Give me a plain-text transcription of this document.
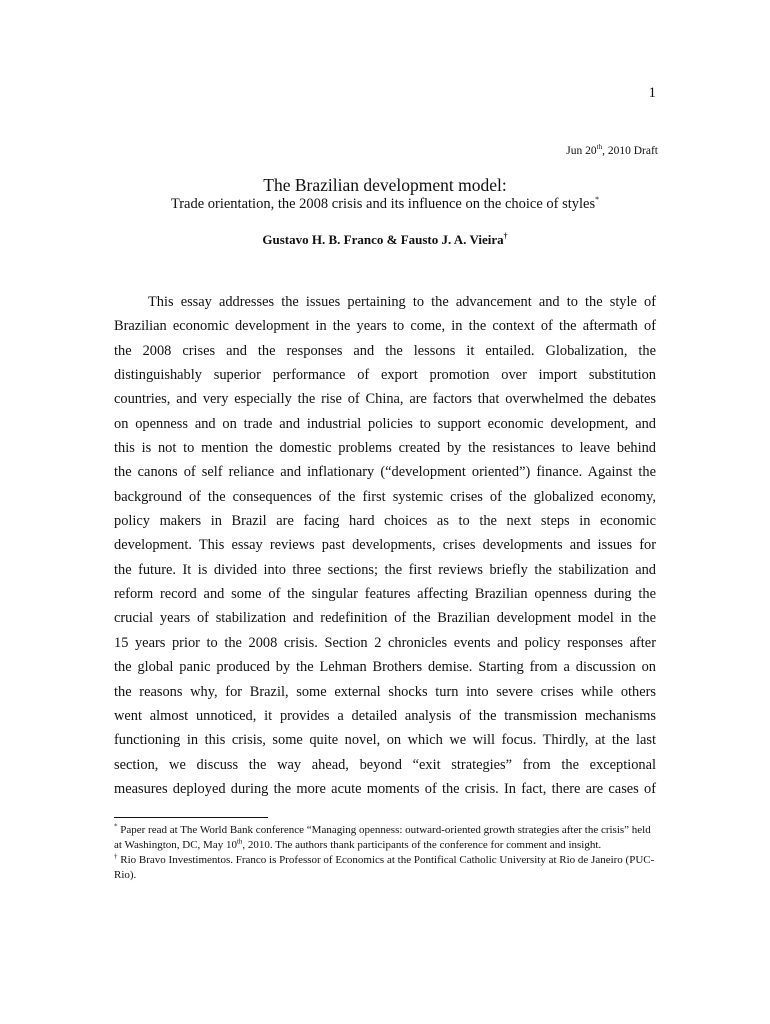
1
Jun 20th, 2010 Draft
The Brazilian development model:
Trade orientation, the 2008 crisis and its influence on the choice of styles*
Gustavo H. B. Franco & Fausto J. A. Vieira†
This essay addresses the issues pertaining to the advancement and to the style of
Brazilian economic development in the years to come, in the context of the aftermath of
the 2008 crises and the responses and the lessons it entailed. Globalization, the
distinguishably superior performance of export promotion over import substitution
countries, and very especially the rise of China, are factors that overwhelmed the debates
on openness and on trade and industrial policies to support economic development, and
this is not to mention the domestic problems created by the resistances to leave behind
the canons of self reliance and inflationary (“development oriented”) finance. Against the
background of the consequences of the first systemic crises of the globalized economy,
policy makers in Brazil are facing hard choices as to the next steps in economic
development. This essay reviews past developments, crises developments and issues for
the future. It is divided into three sections; the first reviews briefly the stabilization and
reform record and some of the singular features affecting Brazilian openness during the
crucial years of stabilization and redefinition of the Brazilian development model in the
15 years prior to the 2008 crisis. Section 2 chronicles events and policy responses after
the global panic produced by the Lehman Brothers demise. Starting from a discussion on
the reasons why, for Brazil, some external shocks turn into severe crises while others
went almost unnoticed, it provides a detailed analysis of the transmission mechanisms
functioning in this crisis, some quite novel, on which we will focus. Thirdly, at the last
section, we discuss the way ahead, beyond “exit strategies” from the exceptional
measures deployed during the more acute moments of the crisis. In fact, there are cases of

* Paper read at The World Bank conference “Managing openness: outward-oriented growth strategies after the crisis” held at Washington, DC, May 10th, 2010. The authors thank participants of the conference for comment and insight.

† Rio Bravo Investimentos. Franco is Professor of Economics at the Pontifical Catholic University at Rio de Janeiro (PUC-Rio).
